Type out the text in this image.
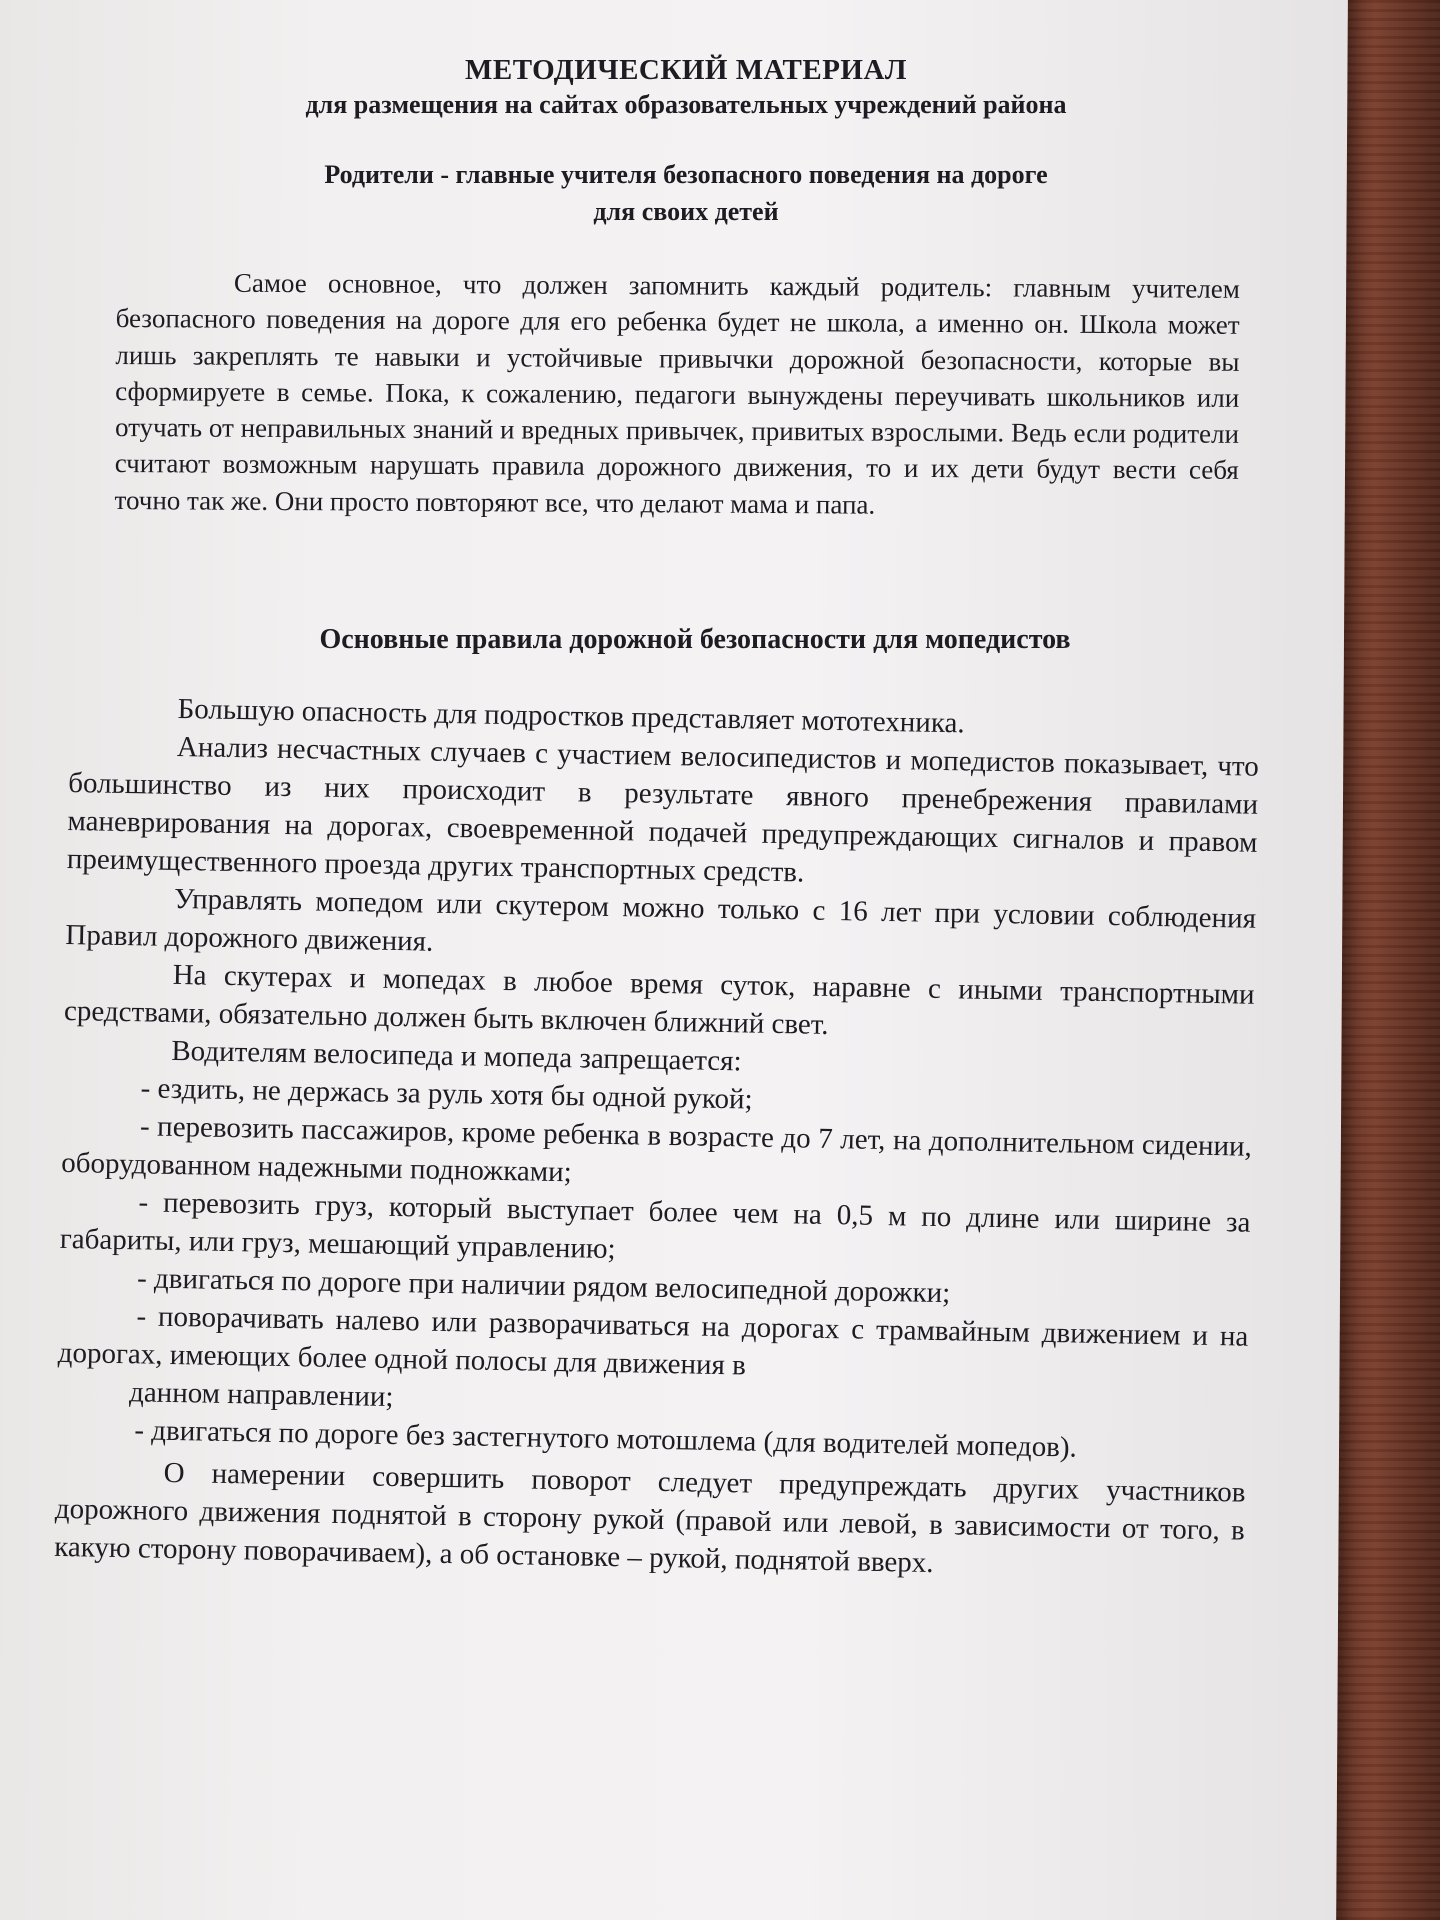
МЕТОДИЧЕСКИЙ МАТЕРИАЛ
для размещения на сайтах образовательных учреждений района
Родители - главные учителя безопасного поведения на дороге
для своих детей
Самое основное, что должен запомнить каждый родитель: главным учителем безопасного поведения на дороге для его ребенка будет не школа, а именно он. Школа может лишь закреплять те навыки и устойчивые привычки дорожной безопасности, которые вы сформируете в семье. Пока, к сожалению, педагоги вынуждены переучивать школьников или отучать от неправильных знаний и вредных привычек, привитых взрослыми. Ведь если родители считают возможным нарушать правила дорожного движения, то и их дети будут вести себя точно так же. Они просто повторяют все, что делают мама и папа.
Основные правила дорожной безопасности для мопедистов

Большую опасность для подростков представляет мототехника.

Анализ несчастных случаев с участием велосипедистов и мопедистов показывает, что большинство из них происходит в результате явного пренебрежения правилами маневрирования на дорогах, своевременной подачей предупреждающих сигналов и правом преимущественного проезда других транспортных средств.

Управлять мопедом или скутером можно только с 16 лет при условии соблюдения Правил дорожного движения.

На скутерах и мопедах в любое время суток, наравне с иными транспортными средствами, обязательно должен быть включен ближний свет.

Водителям велосипеда и мопеда запрещается:

- ездить, не держась за руль хотя бы одной рукой;

- перевозить пассажиров, кроме ребенка в возрасте до 7 лет, на дополнительном сидении, оборудованном надежными подножками;

- перевозить груз, который выступает более чем на 0,5 м по длине или ширине за габариты, или груз, мешающий управлению;

- двигаться по дороге при наличии рядом велосипедной дорожки;

- поворачивать налево или разворачиваться на дорогах с трамвайным движением и на дорогах, имеющих более одной полосы для движения в

данном направлении;

- двигаться по дороге без застегнутого мотошлема (для водителей мопедов).

О намерении совершить поворот следует предупреждать других участников дорожного движения поднятой в сторону рукой (правой или левой, в зависимости от того, в какую сторону поворачиваем), а об остановке – рукой, поднятой вверх.
